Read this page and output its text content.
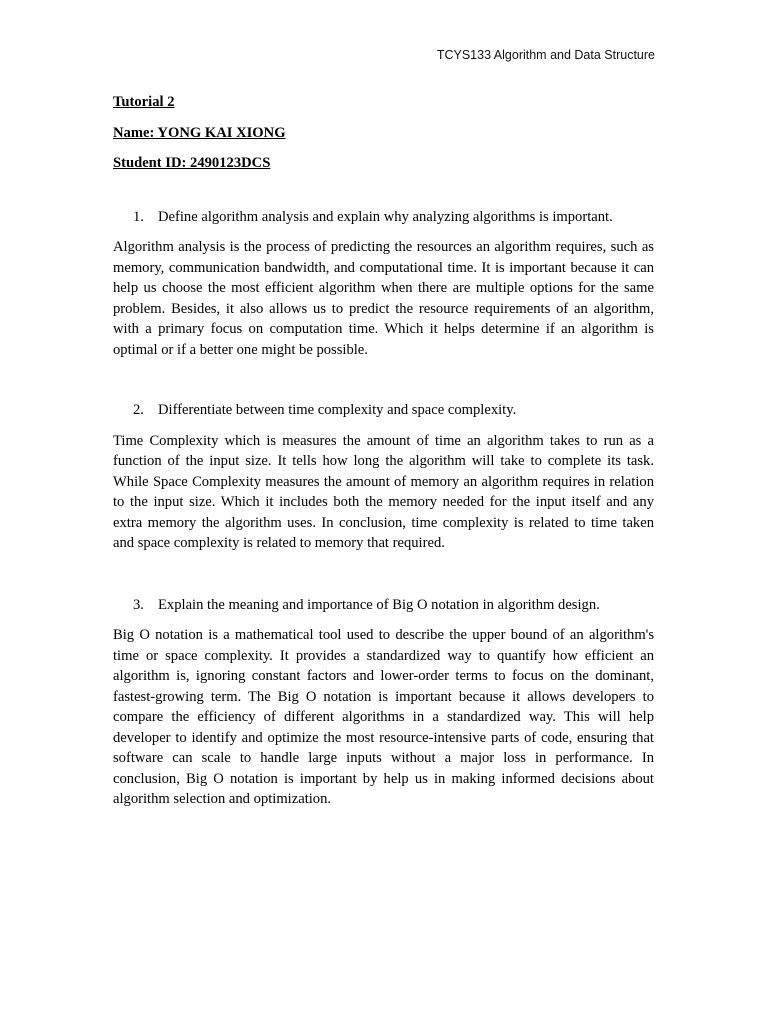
TCYS133 Algorithm and Data Structure

Tutorial 2

Name: YONG KAI XIONG

Student ID: 2490123DCS

1. Define algorithm analysis and explain why analyzing algorithms is important.

Algorithm analysis is the process of predicting the resources an algorithm requires, such as memory, communication bandwidth, and computational time. It is important because it can help us choose the most efficient algorithm when there are multiple options for the same problem. Besides, it also allows us to predict the resource requirements of an algorithm, with a primary focus on computation time. Which it helps determine if an algorithm is optimal or if a better one might be possible.

2. Differentiate between time complexity and space complexity.

Time Complexity which is measures the amount of time an algorithm takes to run as a function of the input size. It tells how long the algorithm will take to complete its task. While Space Complexity measures the amount of memory an algorithm requires in relation to the input size. Which it includes both the memory needed for the input itself and any extra memory the algorithm uses. In conclusion, time complexity is related to time taken and space complexity is related to memory that required.

3. Explain the meaning and importance of Big O notation in algorithm design.

Big O notation is a mathematical tool used to describe the upper bound of an algorithm's time or space complexity. It provides a standardized way to quantify how efficient an algorithm is, ignoring constant factors and lower-order terms to focus on the dominant, fastest-growing term. The Big O notation is important because it allows developers to compare the efficiency of different algorithms in a standardized way. This will help developer to identify and optimize the most resource-intensive parts of code, ensuring that software can scale to handle large inputs without a major loss in performance. In conclusion, Big O notation is important by help us in making informed decisions about algorithm selection and optimization.
